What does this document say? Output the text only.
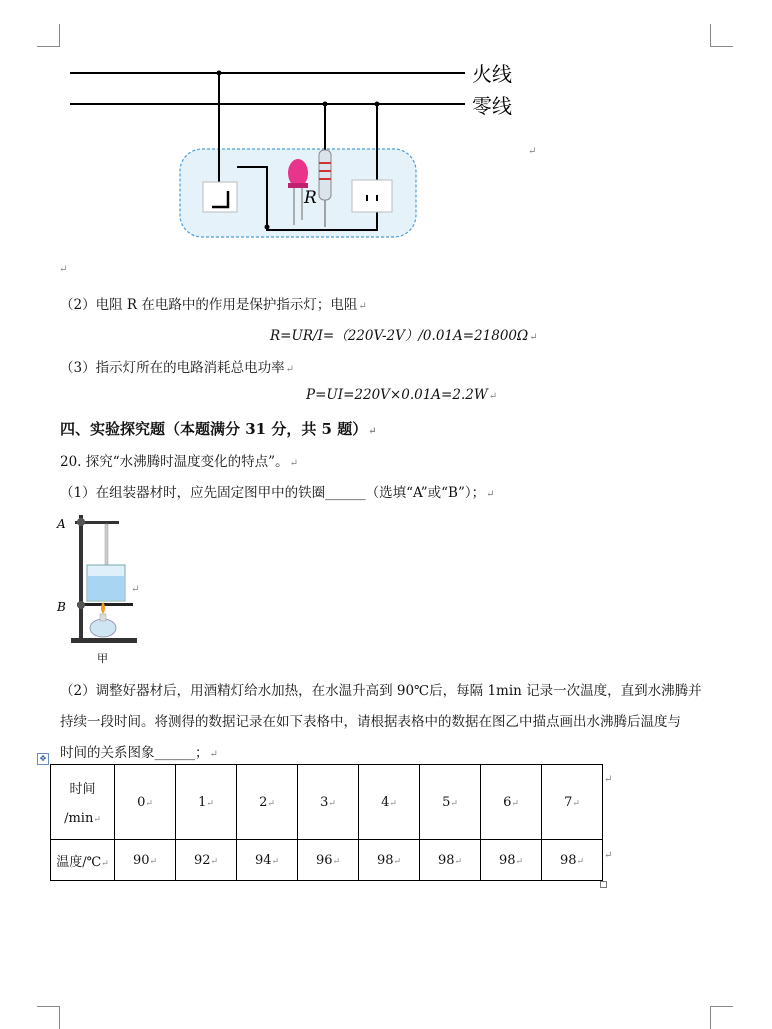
火线
零线
R
↵
↵
（2）电阻 R 在电路中的作用是保护指示灯；电阻↵
R=UR/I=（220V-2V）/0.01A=21800Ω↵
（3）指示灯所在的电路消耗总电功率↵
P=UI=220V×0.01A=2.2W↵
四、实验探究题（本题满分 31 分，共 5 题）↵
20. 探究“水沸腾时温度变化的特点”。↵
（1）在组装器材时，应先固定图甲中的铁圈______（选填“A”或“B”）；↵
A
B
甲
↵
（2）调整好器材后，用酒精灯给水加热，在水温升高到 90℃后，每隔 1min 记录一次温度，直到水沸腾并
持续一段时间。将测得的数据记录在如下表格中，请根据表格中的数据在图乙中描点画出水沸腾后温度与
时间的关系图象______；↵
✥
时间
/min↵	0↵	1↵	2↵	3↵	4↵	5↵	6↵	7↵
温度/℃↵	90↵	92↵	94↵	96↵	98↵	98↵	98↵	98↵
↵
↵
